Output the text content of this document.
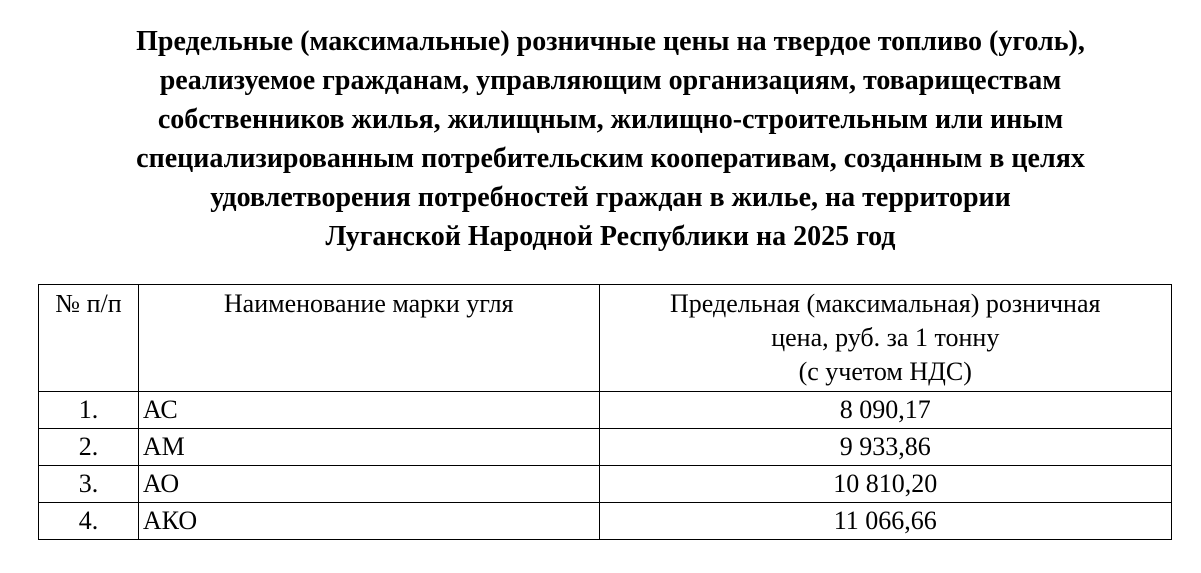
Предельные (максимальные) розничные цены на твердое топливо (уголь),
реализуемое гражданам, управляющим организациям, товариществам
собственников жилья, жилищным, жилищно-строительным или иным
специализированным потребительским кооперативам, созданным в целях
удовлетворения потребностей граждан в жилье, на территории
Луганской Народной Республики на 2025 год
№ п/п	Наименование марки угля	Предельная (максимальная) розничная
цена, руб. за 1 тонну
(с учетом НДС)

1.	АС	8 090,17
2.	АМ	9 933,86
3.	АО	10 810,20
4.	АКО	11 066,66
